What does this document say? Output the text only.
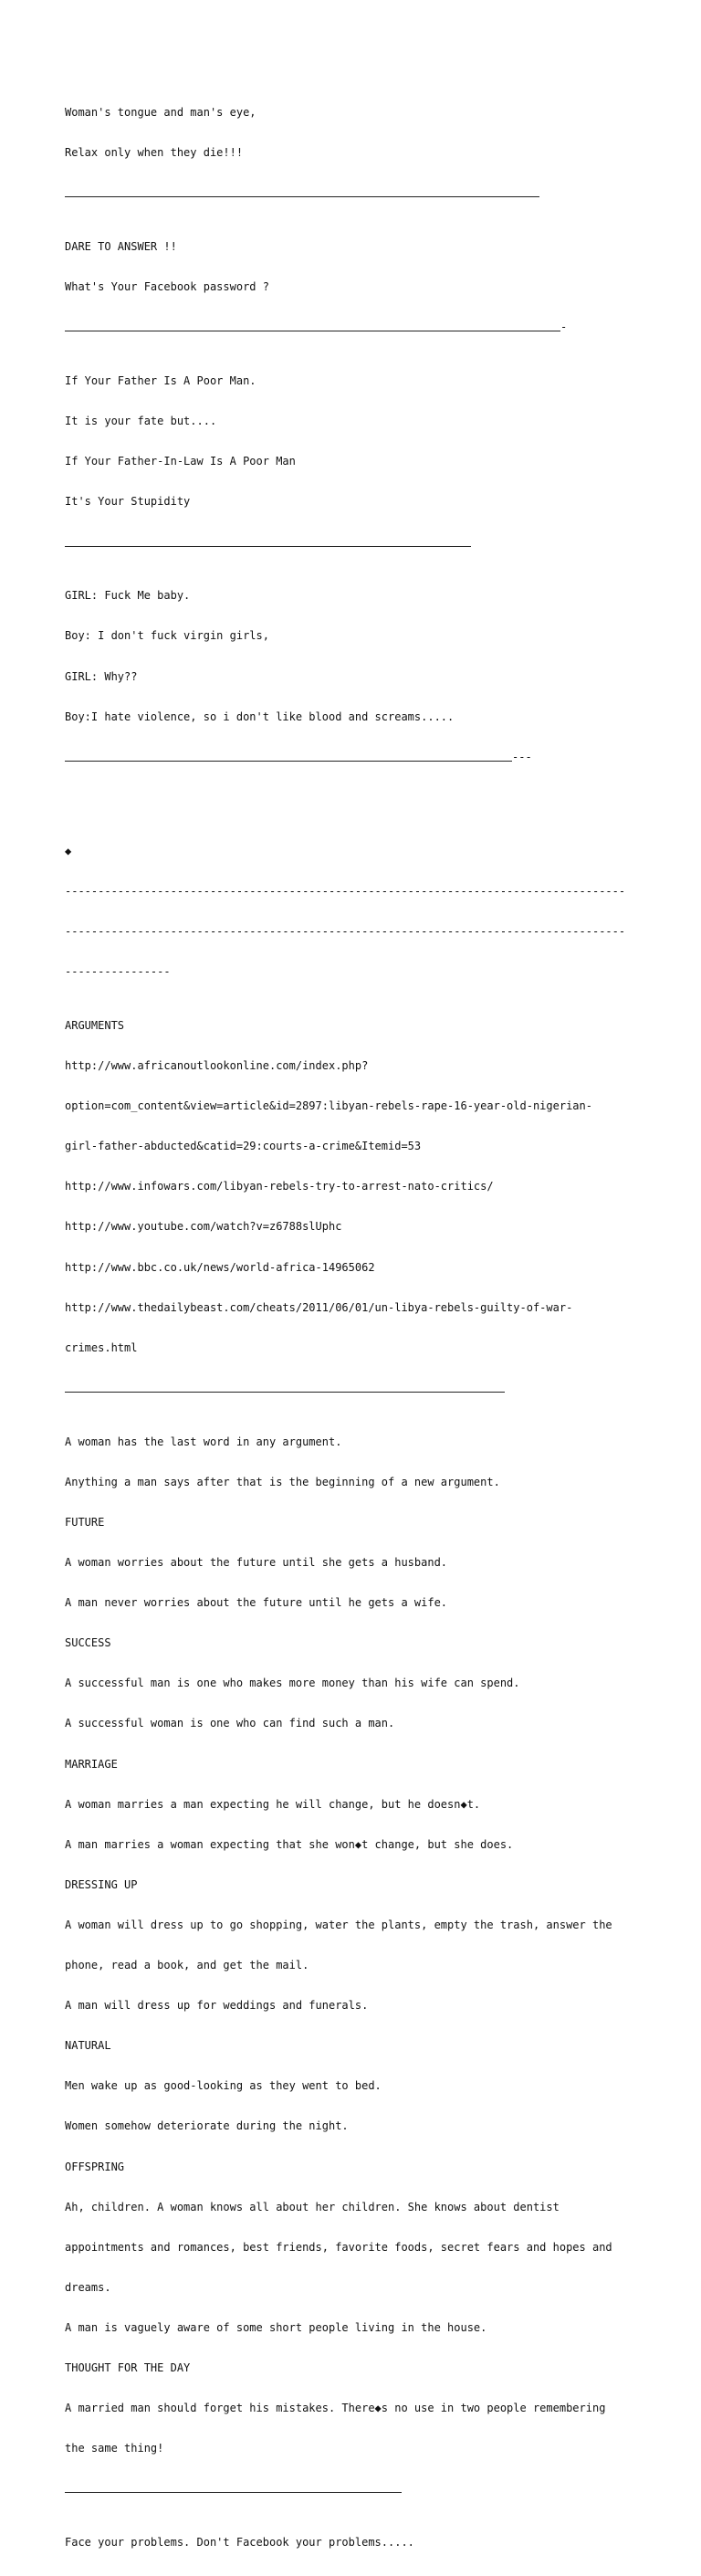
Woman's tongue and man's eye,

Relax only when they die!!!

DARE TO ANSWER !!

What's Your Facebook password ?

-

If Your Father Is A Poor Man.

It is your fate but....

If Your Father-In-Law Is A Poor Man

It's Your Stupidity

GIRL: Fuck Me baby.

Boy: I don't fuck virgin girls,

GIRL: Why??

Boy:I hate violence, so i don't like blood and screams.....

---

◆

-------------------------------------------------------------------------------------

-------------------------------------------------------------------------------------

----------------

ARGUMENTS

http://www.africanoutlookonline.com/index.php?

option=com_content&view=article&id=2897:libyan-rebels-rape-16-year-old-nigerian-

girl-father-abducted&catid=29:courts-a-crime&Itemid=53

http://www.infowars.com/libyan-rebels-try-to-arrest-nato-critics/

http://www.youtube.com/watch?v=z6788slUphc

http://www.bbc.co.uk/news/world-africa-14965062

http://www.thedailybeast.com/cheats/2011/06/01/un-libya-rebels-guilty-of-war-

crimes.html

A woman has the last word in any argument.

Anything a man says after that is the beginning of a new argument.

FUTURE

A woman worries about the future until she gets a husband.

A man never worries about the future until he gets a wife.

SUCCESS

A successful man is one who makes more money than his wife can spend.

A successful woman is one who can find such a man.

MARRIAGE

A woman marries a man expecting he will change, but he doesn◆t.

A man marries a woman expecting that she won◆t change, but she does.

DRESSING UP

A woman will dress up to go shopping, water the plants, empty the trash, answer the

phone, read a book, and get the mail.

A man will dress up for weddings and funerals.

NATURAL

Men wake up as good-looking as they went to bed.

Women somehow deteriorate during the night.

OFFSPRING

Ah, children. A woman knows all about her children. She knows about dentist

appointments and romances, best friends, favorite foods, secret fears and hopes and

dreams.

A man is vaguely aware of some short people living in the house.

THOUGHT FOR THE DAY

A married man should forget his mistakes. There◆s no use in two people remembering

the same thing!

Face your problems. Don't Facebook your problems.....
